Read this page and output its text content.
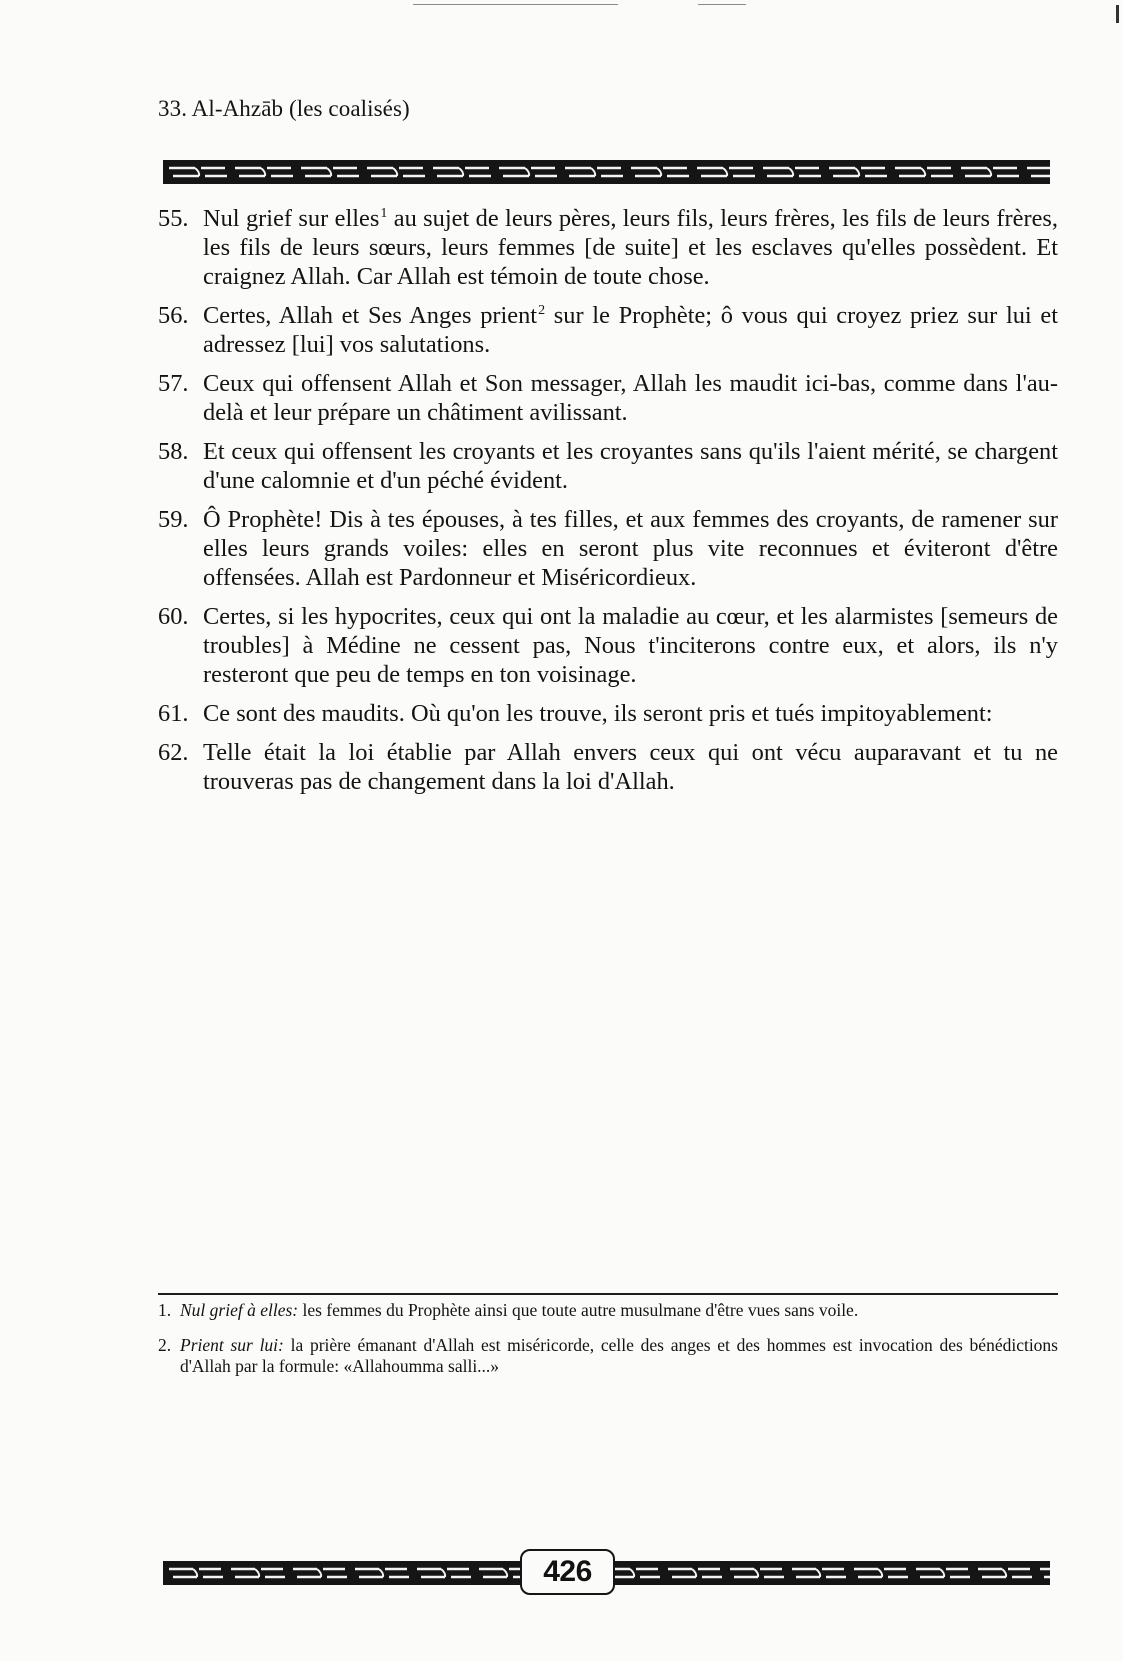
33. Al-Ahzāb (les coalisés)
55. Nul grief sur elles$^1$ au sujet de leurs pères, leurs fils, leurs frères, les fils de leurs frères, les fils de leurs sœurs, leurs femmes [de suite] et les esclaves qu'elles possèdent. Et craignez Allah. Car Allah est témoin de toute chose.
56. Certes, Allah et Ses Anges prient$^2$ sur le Prophète; ô vous qui croyez priez sur lui et adressez [lui] vos salutations.
57. Ceux qui offensent Allah et Son messager, Allah les maudit ici-bas, comme dans l'au-delà et leur prépare un châtiment avilissant.
58. Et ceux qui offensent les croyants et les croyantes sans qu'ils l'aient mérité, se chargent d'une calomnie et d'un péché évident.
59. Ô Prophète! Dis à tes épouses, à tes filles, et aux femmes des croyants, de ramener sur elles leurs grands voiles: elles en seront plus vite reconnues et éviteront d'être offensées. Allah est Pardonneur et Miséricordieux.
60. Certes, si les hypocrites, ceux qui ont la maladie au cœur, et les alarmistes [semeurs de troubles] à Médine ne cessent pas, Nous t'inciterons contre eux, et alors, ils n'y resteront que peu de temps en ton voisinage.
61. Ce sont des maudits. Où qu'on les trouve, ils seront pris et tués impitoyablement:
62. Telle était la loi établie par Allah envers ceux qui ont vécu auparavant et tu ne trouveras pas de changement dans la loi d'Allah.
1. Nul grief à elles: les femmes du Prophète ainsi que toute autre musulmane d'être vues sans voile.
2. Prient sur lui: la prière émanant d'Allah est miséricorde, celle des anges et des hommes est invocation des bénédictions d'Allah par la formule: «Allahoumma salli...»
426
